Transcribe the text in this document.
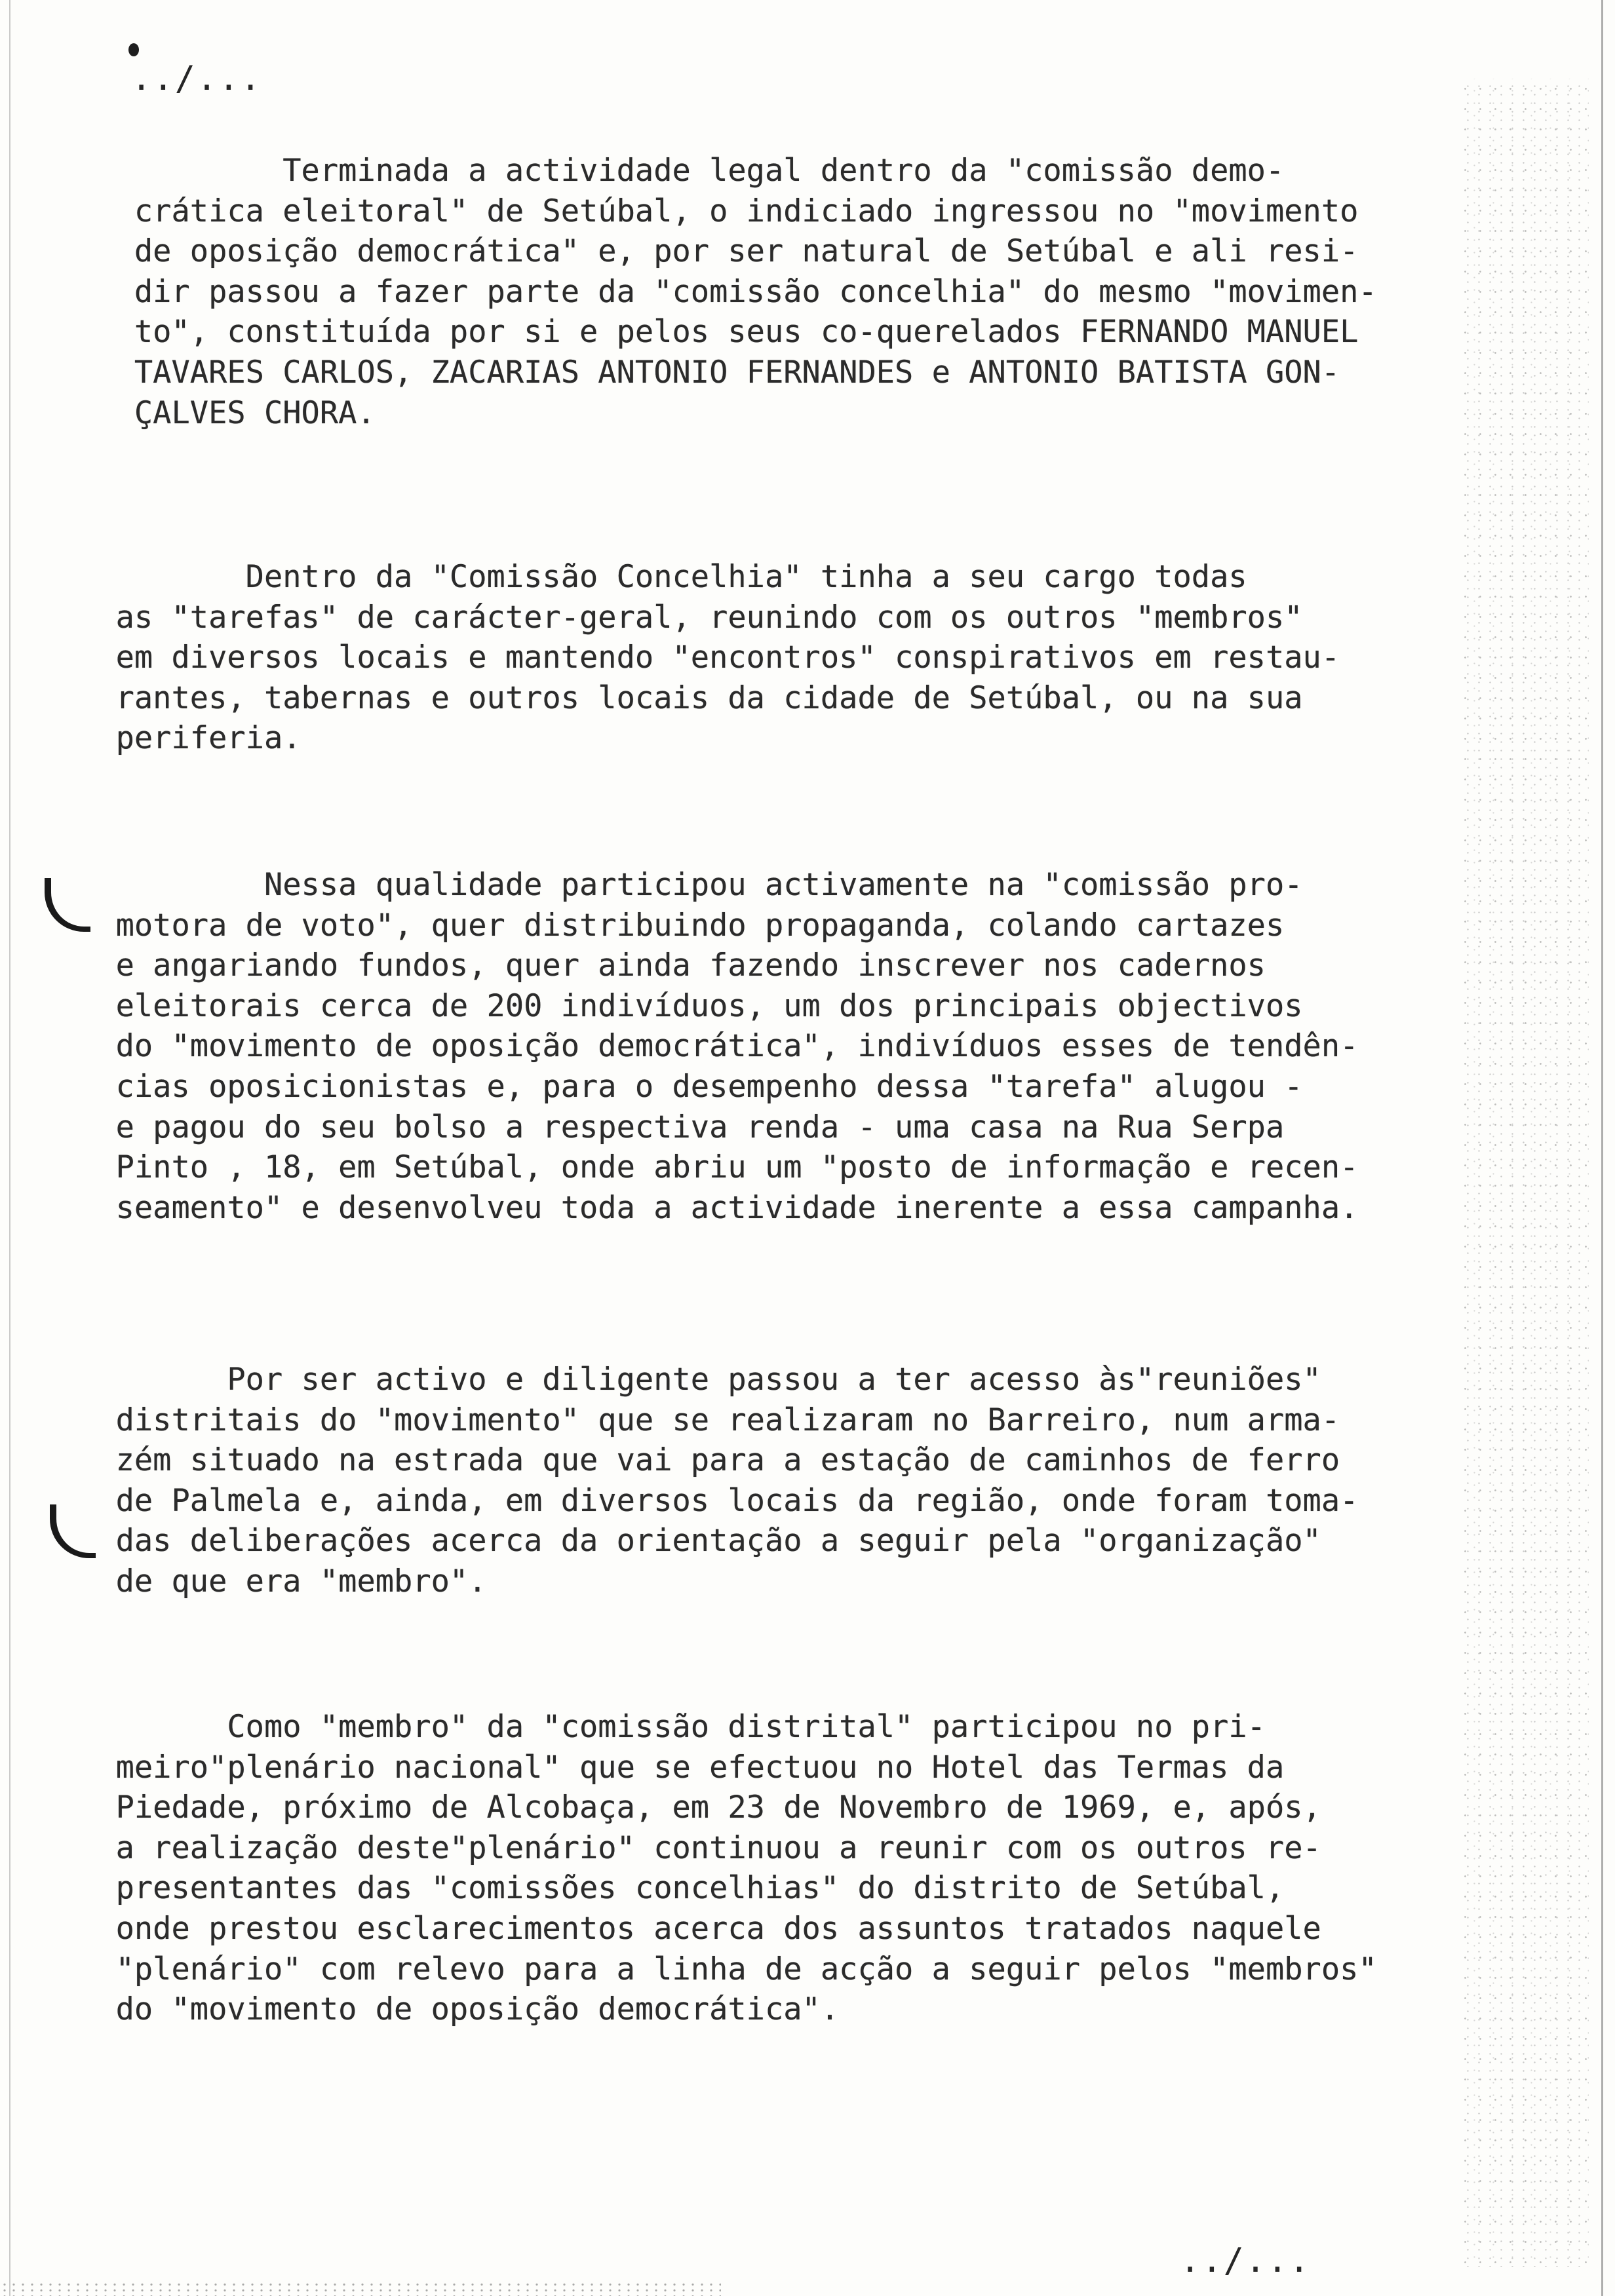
../...

Terminada a actividade legal dentro da "comissão demo-
crática eleitoral" de Setúbal, o indiciado ingressou no "movimento
de oposição democrática" e, por ser natural de Setúbal e ali resi-
dir passou a fazer parte da "comissão concelhia" do mesmo "movimen-
to", constituída por si e pelos seus co-querelados FERNANDO MANUEL
TAVARES CARLOS, ZACARIAS ANTONIO FERNANDES e ANTONIO BATISTA GON-
ÇALVES CHORA.

Dentro da "Comissão Concelhia" tinha a seu cargo todas
as "tarefas" de carácter-geral, reunindo com os outros "membros"
em diversos locais e mantendo "encontros" conspirativos em restau-
rantes, tabernas e outros locais da cidade de Setúbal, ou na sua
periferia.

Nessa qualidade participou activamente na "comissão pro-
motora de voto", quer distribuindo propaganda, colando cartazes
e angariando fundos, quer ainda fazendo inscrever nos cadernos
eleitorais cerca de 200 indivíduos, um dos principais objectivos
do "movimento de oposição democrática", indivíduos esses de tendên-
cias oposicionistas e, para o desempenho dessa "tarefa" alugou -
e pagou do seu bolso a respectiva renda - uma casa na Rua Serpa
Pinto , 18, em Setúbal, onde abriu um "posto de informação e recen-
seamento" e desenvolveu toda a actividade inerente a essa campanha.

Por ser activo e diligente passou a ter acesso às"reuniões"
distritais do "movimento" que se realizaram no Barreiro, num arma-
zém situado na estrada que vai para a estação de caminhos de ferro
de Palmela e, ainda, em diversos locais da região, onde foram toma-
das deliberações acerca da orientação a seguir pela "organização"
de que era "membro".

Como "membro" da "comissão distrital" participou no pri-
meiro"plenário nacional" que se efectuou no Hotel das Termas da
Piedade, próximo de Alcobaça, em 23 de Novembro de 1969, e, após,
a realização deste"plenário" continuou a reunir com os outros re-
presentantes das "comissões concelhias" do distrito de Setúbal,
onde prestou esclarecimentos acerca dos assuntos tratados naquele
"plenário" com relevo para a linha de acção a seguir pelos "membros"
do "movimento de oposição democrática".

../...
